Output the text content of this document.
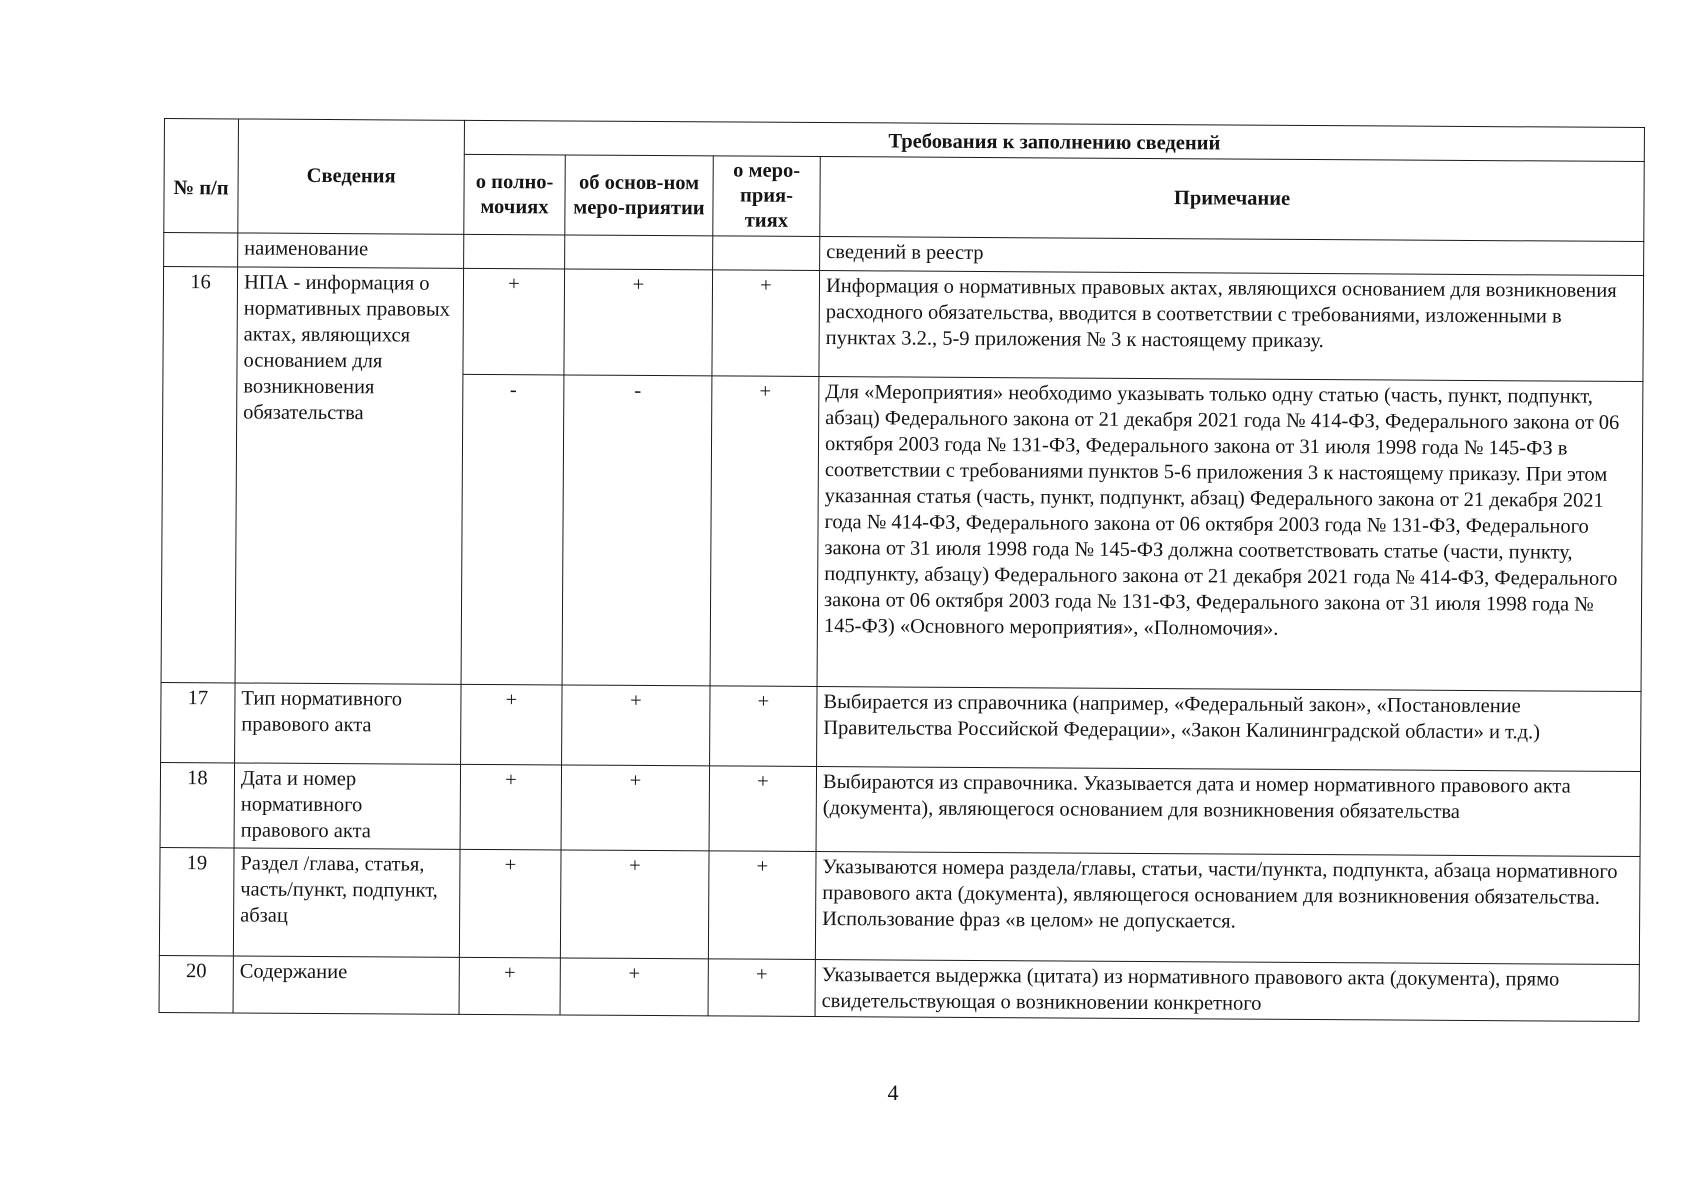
№ п/п	Сведения	Требования к заполнению сведений			
		о полно-мочиях	об основ-ном меро-приятии	о меро-прия-тиях	Примечание
	наименование				сведений в реестр
16	НПА - информация о нормативных правовых актах, являющихся основанием для возникновения обязательства	+	+	+	Информация о нормативных правовых актах, являющихся основанием для возникновения расходного обязательства, вводится в соответствии с требованиями, изложенными в пунктах 3.2., 5-9 приложения № 3 к настоящему приказу.
		-	-	+	Для «Мероприятия» необходимо указывать только одну статью (часть, пункт, подпункт, абзац) Федерального закона от 21 декабря 2021 года № 414-ФЗ, Федерального закона от 06 октября 2003 года № 131-ФЗ, Федерального закона от 31 июля 1998 года № 145-ФЗ в соответствии с требованиями пунктов 5-6 приложения 3 к настоящему приказу. При этом указанная статья (часть, пункт, подпункт, абзац) Федерального закона от 21 декабря 2021 года № 414-ФЗ, Федерального закона от 06 октября 2003 года № 131-ФЗ, Федерального закона от 31 июля 1998 года № 145-ФЗ должна соответствовать статье (части, пункту, подпункту, абзацу) Федерального закона от 21 декабря 2021 года № 414-ФЗ, Федерального закона от 06 октября 2003 года № 131-ФЗ, Федерального закона от 31 июля 1998 года № 145-ФЗ) «Основного мероприятия», «Полномочия».
17	Тип нормативного правового акта	+	+	+	Выбирается из справочника (например, «Федеральный закон», «Постановление Правительства Российской Федерации», «Закон Калининградской области» и т.д.)
18	Дата и номер нормативного правового акта	+	+	+	Выбираются из справочника. Указывается дата и номер нормативного правового акта (документа), являющегося основанием для возникновения обязательства
19	Раздел /глава, статья, часть/пункт, подпункт, абзац	+	+	+	Указываются номера раздела/главы, статьи, части/пункта, подпункта, абзаца нормативного правового акта (документа), являющегося основанием для возникновения обязательства.
Использование фраз «в целом» не допускается.

20	Содержание	+	+	+	Указывается выдержка (цитата) из нормативного правового акта (документа), прямо свидетельствующая о возникновении конкретного
4
